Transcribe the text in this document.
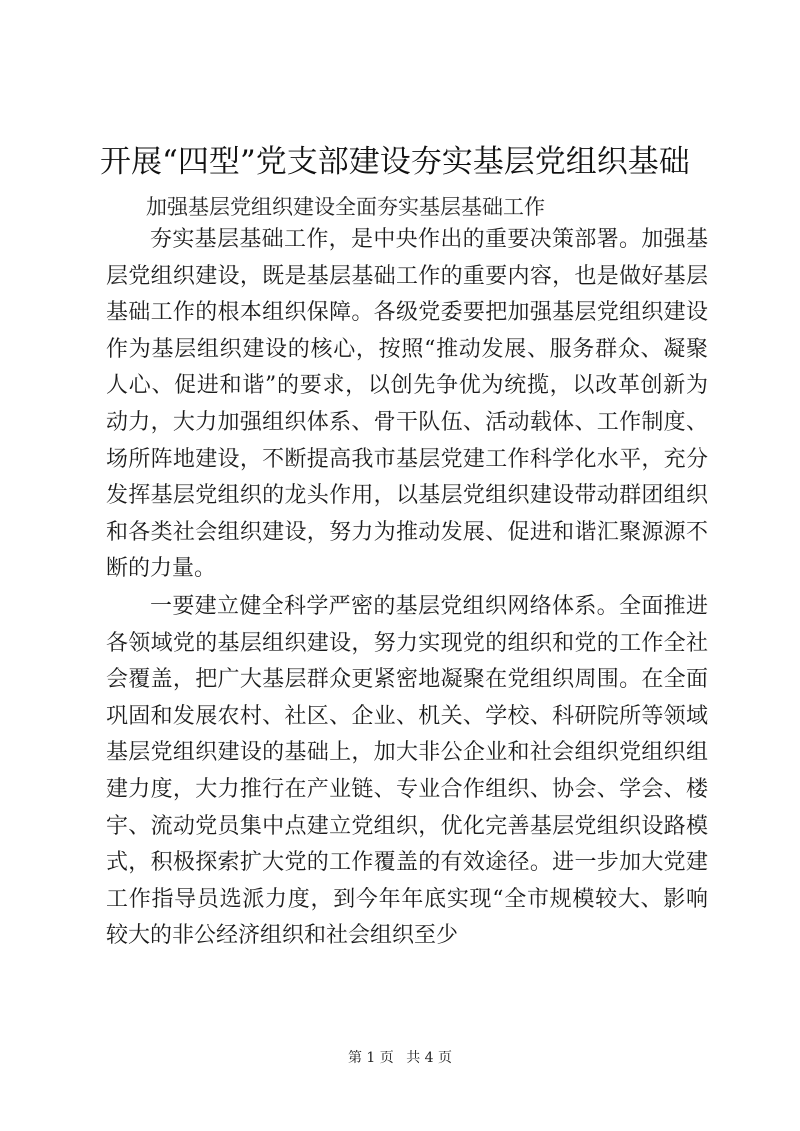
开展“四型”党支部建设夯实基层党组织基础
加强基层党组织建设全面夯实基层基础工作
夯实基层基础工作，是中央作出的重要决策部署。加强基层党组织建设，既是基层基础工作的重要内容，也是做好基层基础工作的根本组织保障。各级党委要把加强基层党组织建设作为基层组织建设的核心，按照“推动发展、服务群众、凝聚人心、促进和谐”的要求，以创先争优为统揽，以改革创新为动力，大力加强组织体系、骨干队伍、活动载体、工作制度、场所阵地建设，不断提高我市基层党建工作科学化水平，充分发挥基层党组织的龙头作用，以基层党组织建设带动群团组织和各类社会组织建设，努力为推动发展、促进和谐汇聚源源不断的力量。
一要建立健全科学严密的基层党组织网络体系。全面推进各领域党的基层组织建设，努力实现党的组织和党的工作全社会覆盖，把广大基层群众更紧密地凝聚在党组织周围。在全面巩固和发展农村、社区、企业、机关、学校、科研院所等领域基层党组织建设的基础上，加大非公企业和社会组织党组织组建力度，大力推行在产业链、专业合作组织、协会、学会、楼宇、流动党员集中点建立党组织，优化完善基层党组织设路模式，积极探索扩大党的工作覆盖的有效途径。进一步加大党建工作指导员选派力度，到今年年底实现“全市规模较大、影响较大的非公经济组织和社会组织至少
第 1 页 共 4 页
